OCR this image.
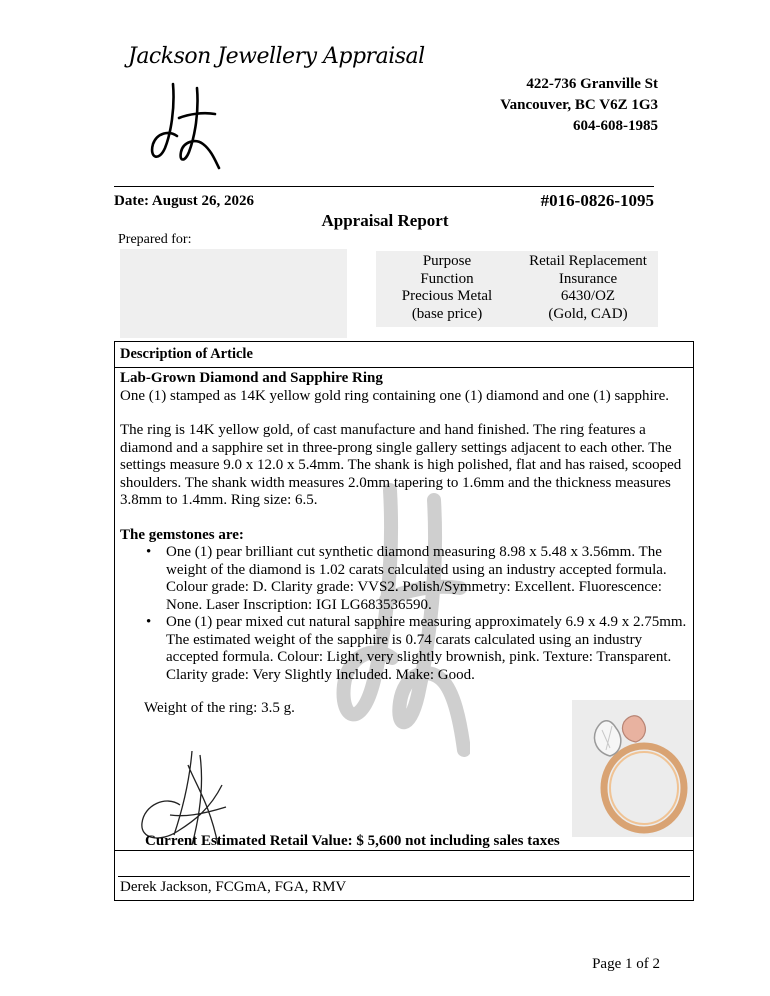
Jackson Jewellery Appraisal
422-736 Granville St
Vancouver, BC V6Z 1G3
604-608-1985
Date: August 26, 2026	#016-0826-1095
Appraisal Report
Prepared for:
Purpose
Function
Precious Metal
(base price)
Retail Replacement
Insurance
6430/OZ
(Gold, CAD)
Description of Article

Lab-Grown Diamond and Sapphire Ring

One (1) stamped as 14K yellow gold ring containing one (1) diamond and one (1) sapphire.

The ring is 14K yellow gold, of cast manufacture and hand finished. The ring features a diamond and a sapphire set in three-prong single gallery settings adjacent to each other. The settings measure 9.0 x 12.0 x 5.4mm. The shank is high polished, flat and has raised, scooped shoulders. The shank width measures 2.0mm tapering to 1.6mm and the thickness measures 3.8mm to 1.4mm. Ring size: 6.5.

The gemstones are:

• One (1) pear brilliant cut synthetic diamond measuring 8.98 x 5.48 x 3.56mm. The weight of the diamond is 1.02 carats calculated using an industry accepted formula. Colour grade: D. Clarity grade: VVS2. Polish/Symmetry: Excellent. Fluorescence: None. Laser Inscription: IGI LG683536590.
• One (1) pear mixed cut natural sapphire measuring approximately 6.9 x 4.9 x 2.75mm. The estimated weight of the sapphire is 0.74 carats calculated using an industry accepted formula. Colour: Light, very slightly brownish, pink. Texture: Transparent. Clarity grade: Very Slightly Included. Make: Good.
Weight of the ring: 3.5 g.
Current Estimated Retail Value: $ 5,600 not including sales taxes
Derek Jackson, FCGmA, FGA, RMV
Page 1 of 2
